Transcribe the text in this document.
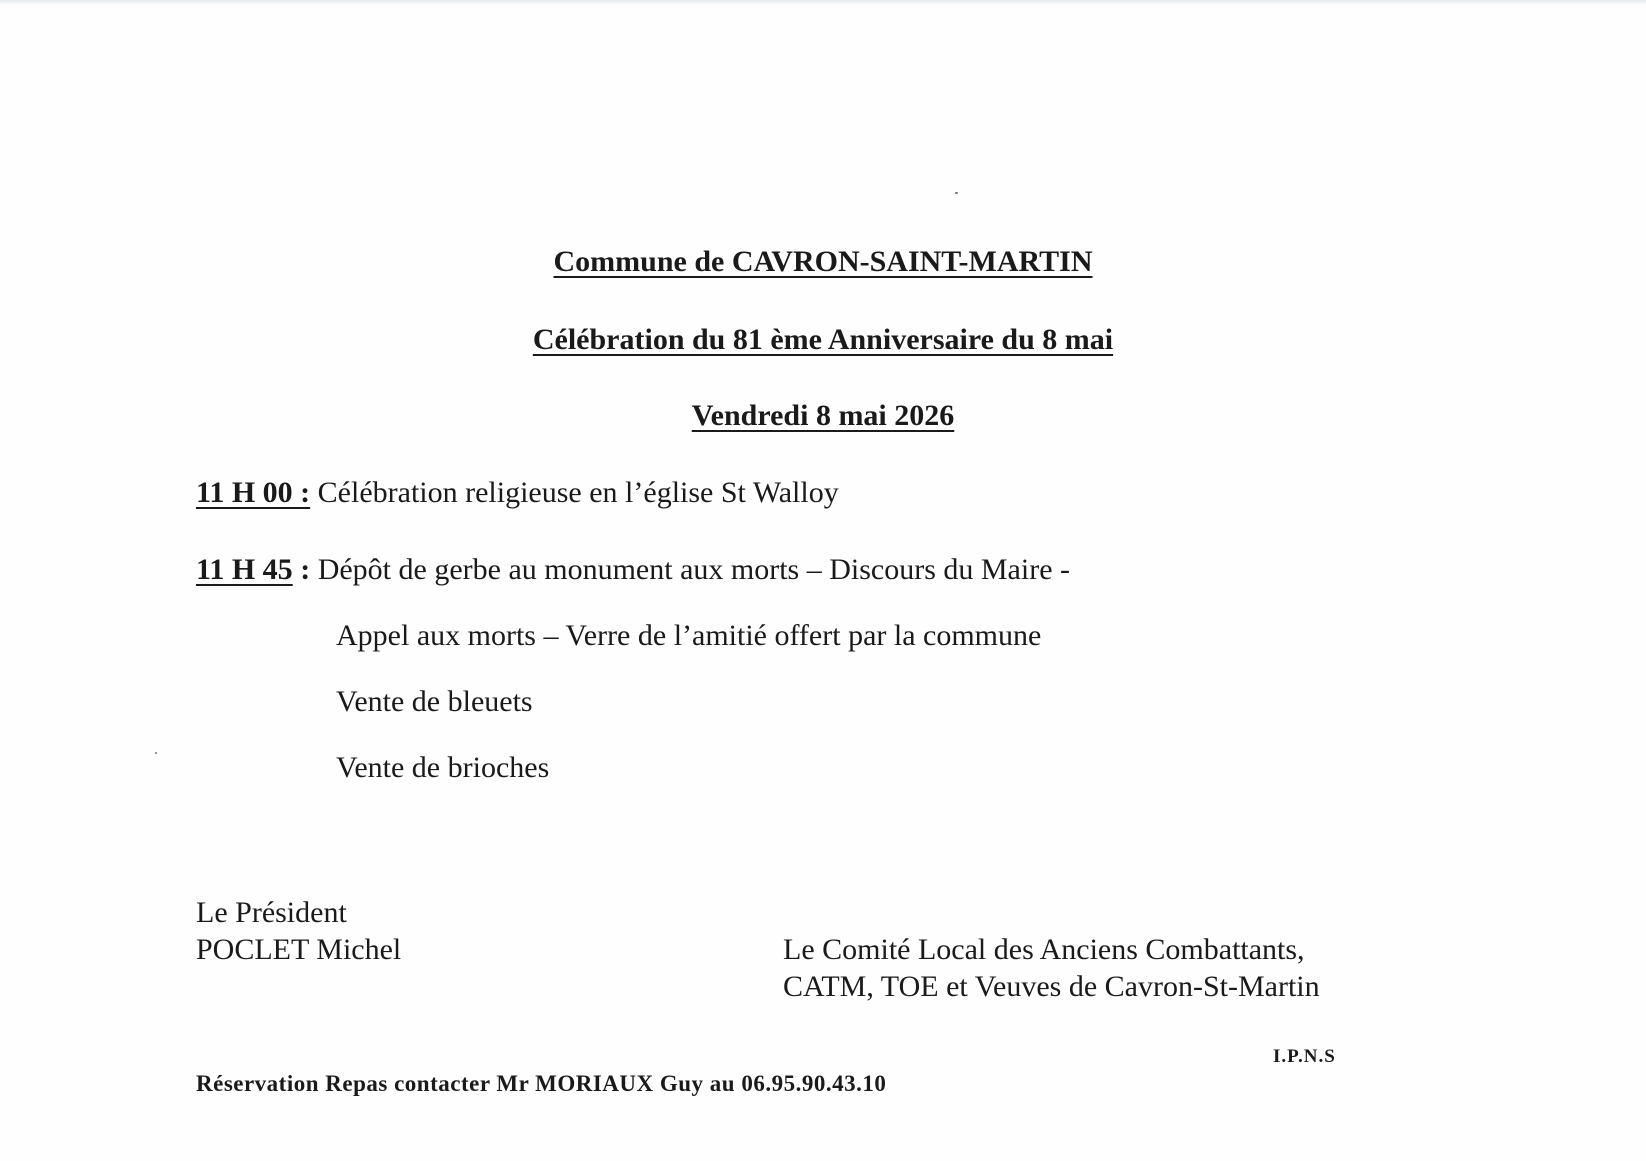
Commune de CAVRON-SAINT-MARTIN
Célébration du 81 ème Anniversaire du 8 mai
Vendredi 8 mai 2026
11 H 00 : Célébration religieuse en l’église St Walloy
11 H 45 : Dépôt de gerbe au monument aux morts – Discours du Maire -
Appel aux morts – Verre de l’amitié offert par la commune
Vente de bleuets
Vente de brioches
Le Président
POCLET Michel	Le Comité Local des Anciens Combattants,
CATM, TOE et Veuves de Cavron-St-Martin
I.P.N.S
Réservation Repas contacter Mr MORIAUX Guy au 06.95.90.43.10
